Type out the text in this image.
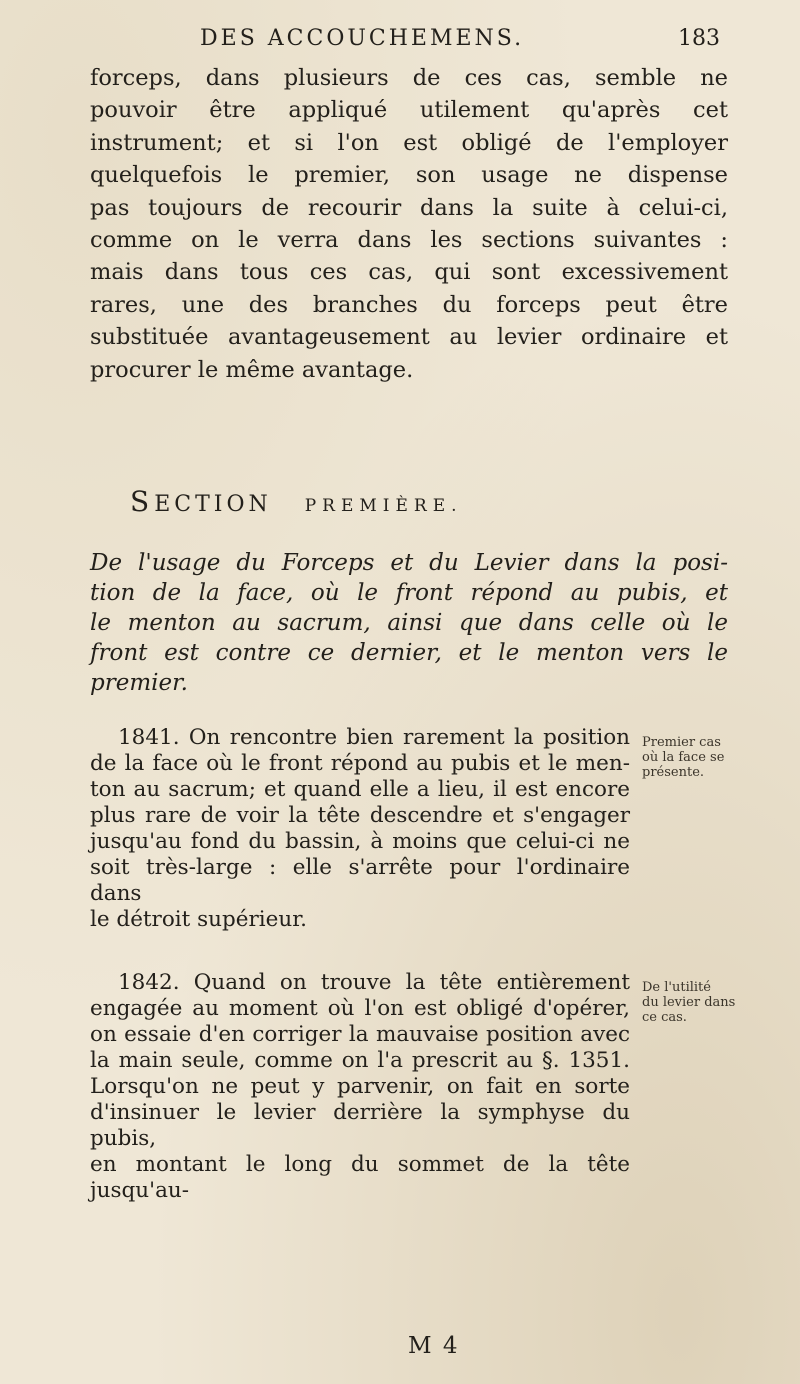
DES ACCOUCHEMENS.	183

forceps, dans plusieurs de ces cas, semble ne

pouvoir être appliqué utilement qu'après cet

instrument; et si l'on est obligé de l'employer

quelquefois le premier, son usage ne dispense

pas toujours de recourir dans la suite à celui-ci,

comme on le verra dans les sections suivantes :

mais dans tous ces cas, qui sont excessivement

rares, une des branches du forceps peut être

substituée avantageusement au levier ordinaire et

procurer le même avantage.

SECTION PREMIÈRE.

De l'usage du Forceps et du Levier dans la posi-

tion de la face, où le front répond au pubis, et

le menton au sacrum, ainsi que dans celle où le

front est contre ce dernier, et le menton vers le

premier.

1841. On rencontre bien rarement la position

de la face où le front répond au pubis et le men-

ton au sacrum; et quand elle a lieu, il est encore

plus rare de voir la tête descendre et s'engager

jusqu'au fond du bassin, à moins que celui-ci ne

soit très-large : elle s'arrête pour l'ordinaire dans

le détroit supérieur.

Premier cas
où la face se
présente.

1842. Quand on trouve la tête entièrement

engagée au moment où l'on est obligé d'opérer,

on essaie d'en corriger la mauvaise position avec

la main seule, comme on l'a prescrit au §. 1351.

Lorsqu'on ne peut y parvenir, on fait en sorte

d'insinuer le levier derrière la symphyse du pubis,

en montant le long du sommet de la tête jusqu'au-

De l'utilité
du levier dans
ce cas.
M 4
